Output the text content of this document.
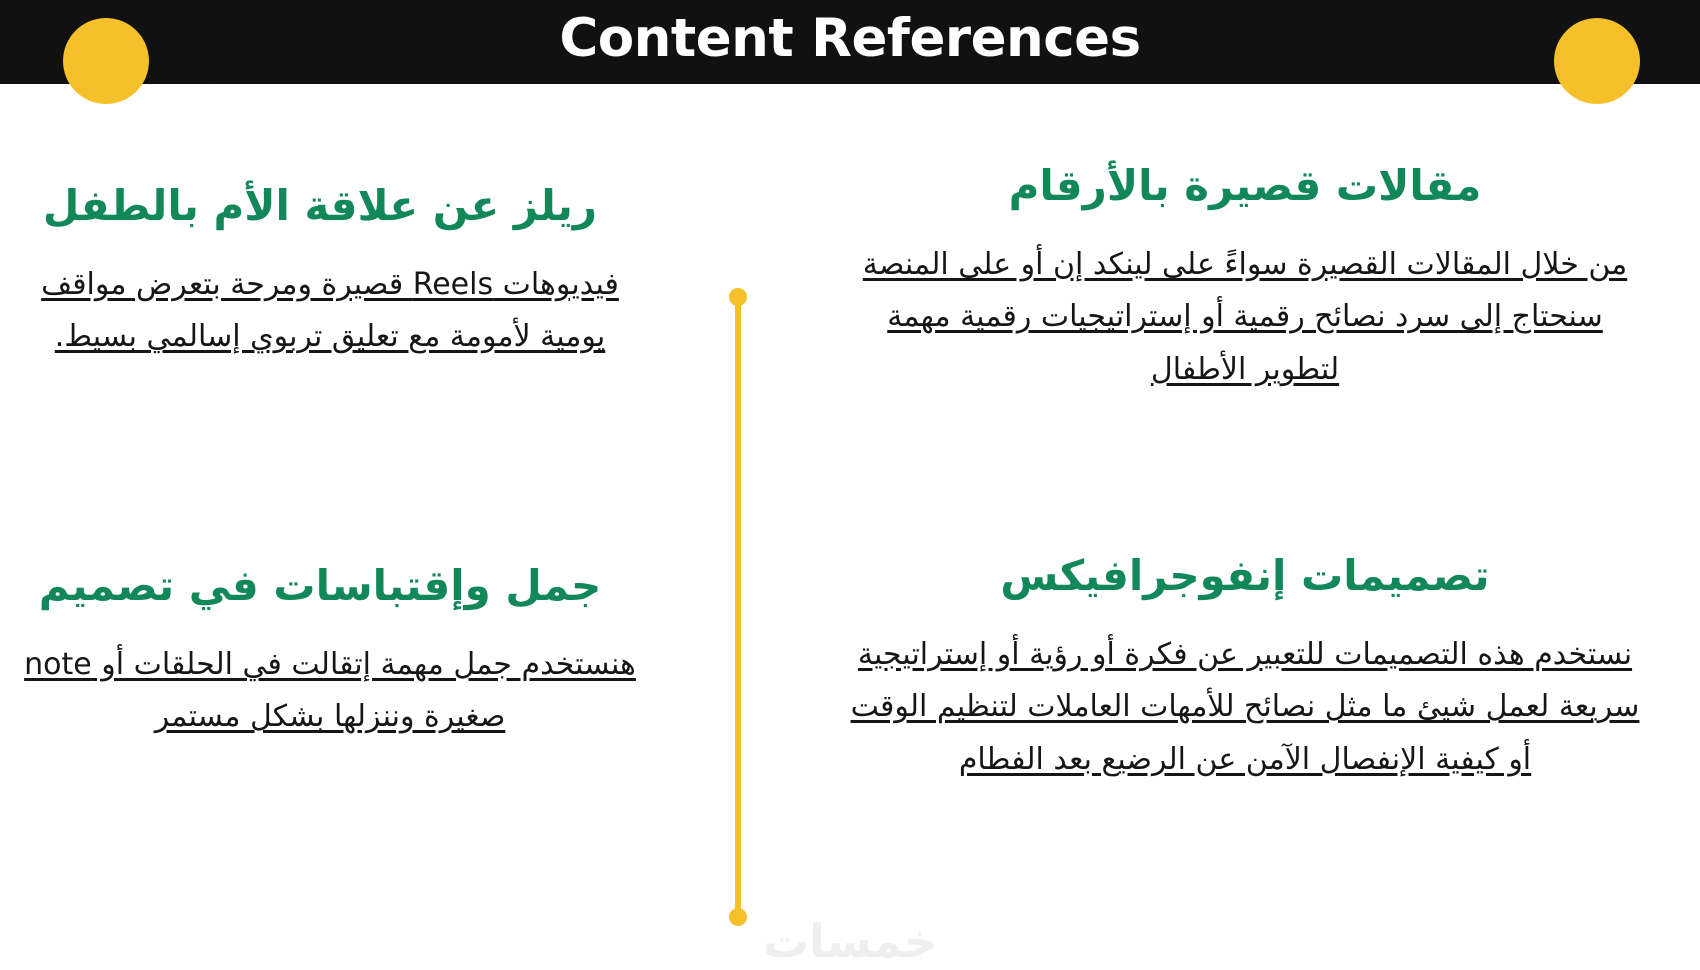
Content References
مقالات قصيرة بالأرقام

من خلال المقالات القصيرة سواءً على لينكد إن أو على المنصة سنحتاج إلى سرد نصائح رقمية أو إستراتيجيات رقمية مهمة لتطوير الأطفال

ريلز عن علاقة الأم بالطفل

فيديوهات Reels قصيرة ومرحة بتعرض مواقف يومية لأمومة مع تعليق تربوي إسالمي بسيط.

تصميمات إنفوجرافيكس

نستخدم هذه التصميمات للتعبير عن فكرة أو رؤية أو إستراتيجية سريعة لعمل شيئ ما مثل نصائح للأمهات العاملات لتنظيم الوقت أو كيفية الإنفصال الآمن عن الرضيع بعد الفطام

جمل وإقتباسات في تصميم

هنستخدم جمل مهمة إتقالت في الحلقات أو note صغيرة وننزلها بشكل مستمر

خمسات
